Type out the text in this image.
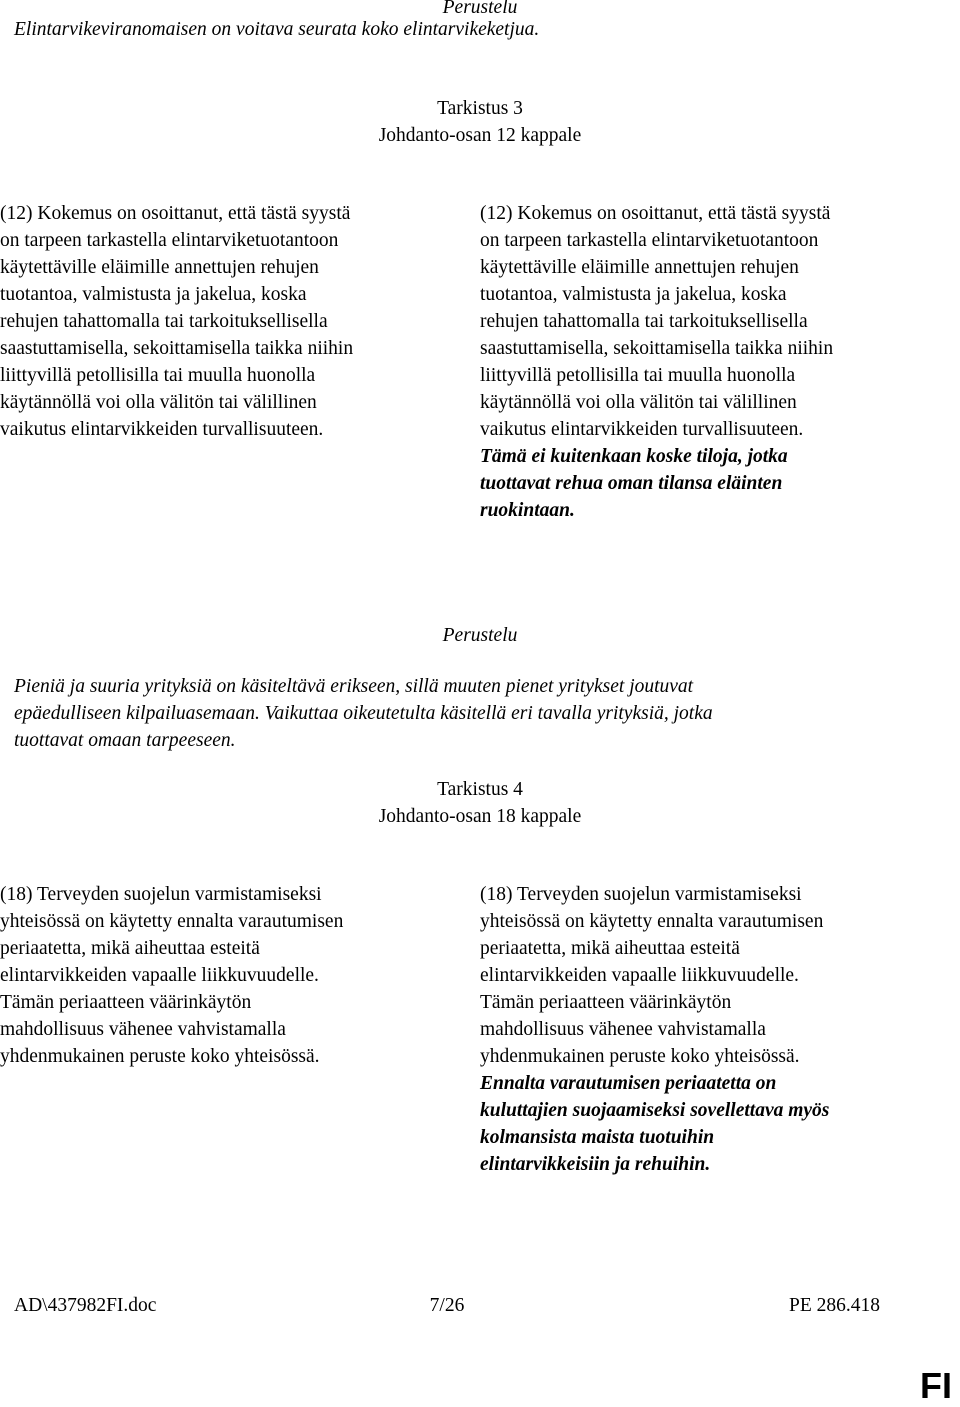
Perustelu
Elintarvikeviranomaisen on voitava seurata koko elintarvikeketjua.
Tarkistus 3
Johdanto-osan 12 kappale
(12) Kokemus on osoittanut, että tästä syystä
on tarpeen tarkastella elintarviketuotantoon
käytettäville eläimille annettujen rehujen
tuotantoa, valmistusta ja jakelua, koska
rehujen tahattomalla tai tarkoituksellisella
saastuttamisella, sekoittamisella taikka niihin
liittyvillä petollisilla tai muulla huonolla
käytännöllä voi olla välitön tai välillinen
vaikutus elintarvikkeiden turvallisuuteen.
(12) Kokemus on osoittanut, että tästä syystä
on tarpeen tarkastella elintarviketuotantoon
käytettäville eläimille annettujen rehujen
tuotantoa, valmistusta ja jakelua, koska
rehujen tahattomalla tai tarkoituksellisella
saastuttamisella, sekoittamisella taikka niihin
liittyvillä petollisilla tai muulla huonolla
käytännöllä voi olla välitön tai välillinen
vaikutus elintarvikkeiden turvallisuuteen.
Tämä ei kuitenkaan koske tiloja, jotka
tuottavat rehua oman tilansa eläinten
ruokintaan.
Perustelu
Pieniä ja suuria yrityksiä on käsiteltävä erikseen, sillä muuten pienet yritykset joutuvat
epäedulliseen kilpailuasemaan. Vaikuttaa oikeutetulta käsitellä eri tavalla yrityksiä, jotka
tuottavat omaan tarpeeseen.
Tarkistus 4
Johdanto-osan 18 kappale
(18) Terveyden suojelun varmistamiseksi
yhteisössä on käytetty ennalta varautumisen
periaatetta, mikä aiheuttaa esteitä
elintarvikkeiden vapaalle liikkuvuudelle.
Tämän periaatteen väärinkäytön
mahdollisuus vähenee vahvistamalla
yhdenmukainen peruste koko yhteisössä.
(18) Terveyden suojelun varmistamiseksi
yhteisössä on käytetty ennalta varautumisen
periaatetta, mikä aiheuttaa esteitä
elintarvikkeiden vapaalle liikkuvuudelle.
Tämän periaatteen väärinkäytön
mahdollisuus vähenee vahvistamalla
yhdenmukainen peruste koko yhteisössä.
Ennalta varautumisen periaatetta on
kuluttajien suojaamiseksi sovellettava myös
kolmansista maista tuotuihin
elintarvikkeisiin ja rehuihin.
AD\437982FI.doc	7/26	PE 286.418
FI
